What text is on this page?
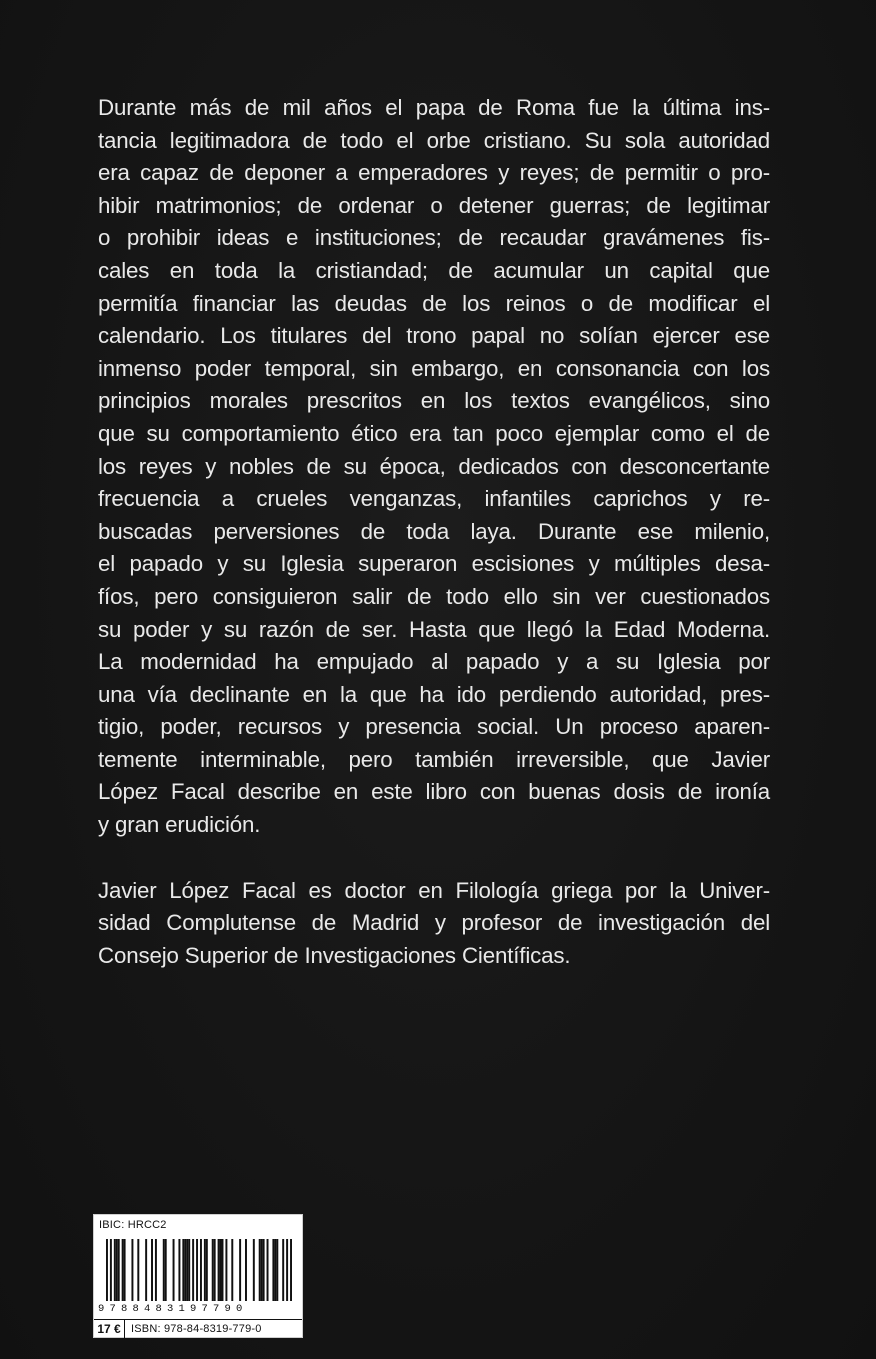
Durante más de mil años el papa de Roma fue la última ins-
tancia legitimadora de todo el orbe cristiano. Su sola autoridad
era capaz de deponer a emperadores y reyes; de permitir o pro-
hibir matrimonios; de ordenar o detener guerras; de legitimar
o prohibir ideas e instituciones; de recaudar gravámenes fis-
cales en toda la cristiandad; de acumular un capital que
permitía financiar las deudas de los reinos o de modificar el
calendario. Los titulares del trono papal no solían ejercer ese
inmenso poder temporal, sin embargo, en consonancia con los
principios morales prescritos en los textos evangélicos, sino
que su comportamiento ético era tan poco ejemplar como el de
los reyes y nobles de su época, dedicados con desconcertante
frecuencia a crueles venganzas, infantiles caprichos y re-
buscadas perversiones de toda laya. Durante ese milenio,
el papado y su Iglesia superaron escisiones y múltiples desa-
fíos, pero consiguieron salir de todo ello sin ver cuestionados
su poder y su razón de ser. Hasta que llegó la Edad Moderna.
La modernidad ha empujado al papado y a su Iglesia por
una vía declinante en la que ha ido perdiendo autoridad, pres-
tigio, poder, recursos y presencia social. Un proceso aparen-
temente interminable, pero también irreversible, que Javier
López Facal describe en este libro con buenas dosis de ironía
y gran erudición.
Javier López Facal es doctor en Filología griega por la Univer-
sidad Complutense de Madrid y profesor de investigación del
Consejo Superior de Investigaciones Científicas.
IBIC: HRCC2
9788483197790
17 € ISBN: 978-84-8319-779-0
